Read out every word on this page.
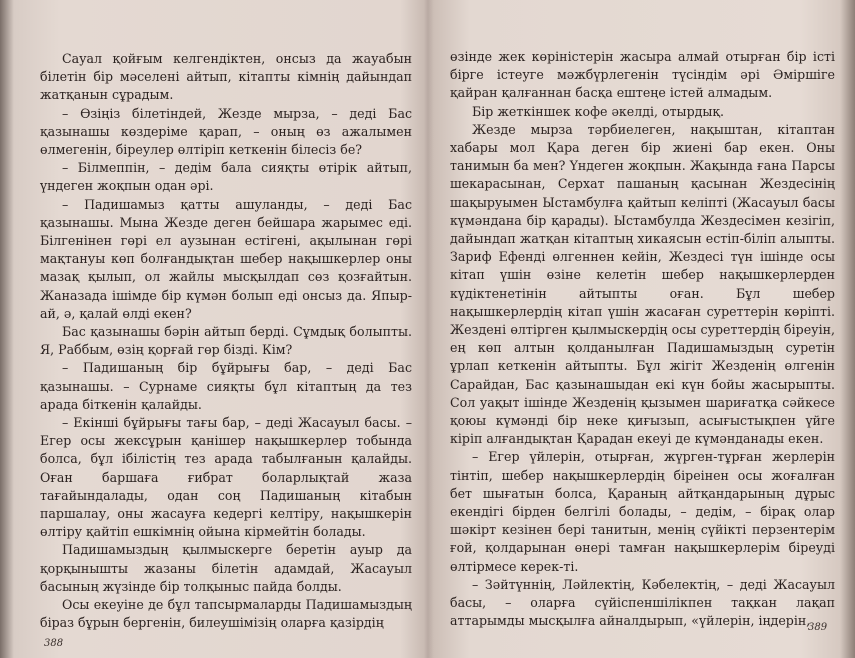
Сауал қойғым келгендіктен, онсыз да жауабын білетін бір мәселені айтып, кітапты кімнің дайындап жатқанын сұрадым.

– Өзіңіз білетіндей, Жезде мырза, – деді Бас қазынашы көздеріме қарап, – оның өз ажалымен өлмегенін, біреулер өлтіріп кеткенін білесіз бе?

– Білмеппін, – дедім бала сияқты өтірік айтып, үндеген жоқпын одан әрі.

– Падишамыз қатты ашуланды, – деді Бас қазынашы. Мына Жезде деген бейшара жарымес еді. Білгенінен гөрі ел аузынан естігені, ақылынан гөрі мақтануы көп болғандықтан шебер нақышкерлер оны мазақ қылып, ол жайлы мысқылдап сөз қозғайтын. Жаназада ішімде бір күмән болып еді онсыз да. Япыр-ай, ә, қалай өлді екен?

Бас қазынашы бәрін айтып берді. Сұмдық болыпты. Я, Раббым, өзің қорғай гөр бізді. Кім?

– Падишаның бір бұйрығы бар, – деді Бас қазынашы. – Сурнаме сияқты бұл кітаптың да тез арада біткенін қалайды.

– Екінші бұйрығы тағы бар, – деді Жасауыл басы. – Егер осы жексұрын қанішер нақышкерлер тобында болса, бұл ібілістің тез арада табылғанын қалайды. Оған баршаға ғибрат боларлықтай жаза тағайындалады, одан соң Падишаның кітабын паршалау, оны жасауға кедергі келтіру, нақышкерін өлтіру қайтіп ешкімнің ойына кірмейтін болады.

Падишамыздың қылмыскерге беретін ауыр да қорқынышты жазаны білетін адамдай, Жасауыл басының жүзінде бір толқыныс пайда болды.

Осы екеуіне де бұл тапсырмаларды Падишамыздың біраз бұрын бергенін, билеушімізің оларға қазірдің

388

өзінде жек көріністерін жасыра алмай отырған бір істі бірге істеуге мәжбүрлегенін түсіндім әрі Әміршіге қайран қалғаннан басқа ештеңе істей алмадым.

Бір жеткіншек кофе әкелді, отырдық.

Жезде мырза тәрбиелеген, нақыштан, кітаптан хабары мол Қара деген бір жиені бар екен. Оны танимын ба мен? Үндеген жоқпын. Жақында ғана Парсы шекарасынан, Серхат пашаның қасынан Жездесінің шақыруымен Ыстамбулға қайтып келіпті (Жасауыл басы күмәндана бір қарады). Ыстамбулда Жездесімен кезігіп, дайындап жатқан кітаптың хикаясын естіп-біліп алыпты. Зариф Ефенді өлгеннен кейін, Жездесі түн ішінде осы кітап үшін өзіне келетін шебер нақышкерлерден күдіктенетінін айтыпты оған. Бұл шебер нақышкерлердің кітап үшін жасаған суреттерін көріпті. Жездені өлтірген қылмыскердің осы суреттердің біреуін, ең көп алтын қолданылған Падишамыздың суретін ұрлап кеткенін айтыпты. Бұл жігіт Жезденің өлгенін Сарайдан, Бас қазынашыдан екі күн бойы жасырыпты. Сол уақыт ішінде Жезденің қызымен шариғатқа сәйкесе қоюы күмәнді бір неке қиғызып, асығыстықпен үйге кіріп алғандықтан Қарадан екеуі де күмәнданады екен.

– Егер үйлерін, отырған, жүрген-тұрған жерлерін тінтіп, шебер нақышкерлердің біреінен осы жоғалған бет шығатын болса, Қараның айтқандарының дұрыс екендігі бірден белгілі болады, – дедім, – бірақ олар шәкірт кезінен бері танитын, менің сүйікті перзентерім ғой, қолдарынан өнері тамған нақышкерлерім біреуді өлтірмесе керек-ті.

– Зәйтүннің, Ләйлектің, Кәбелектің, – деді Жасауыл басы, – оларға сүйіспеншілікпен тақкан лақап аттарымды мысқылға айналдырып, «үйлерін, іңдерін,

389
